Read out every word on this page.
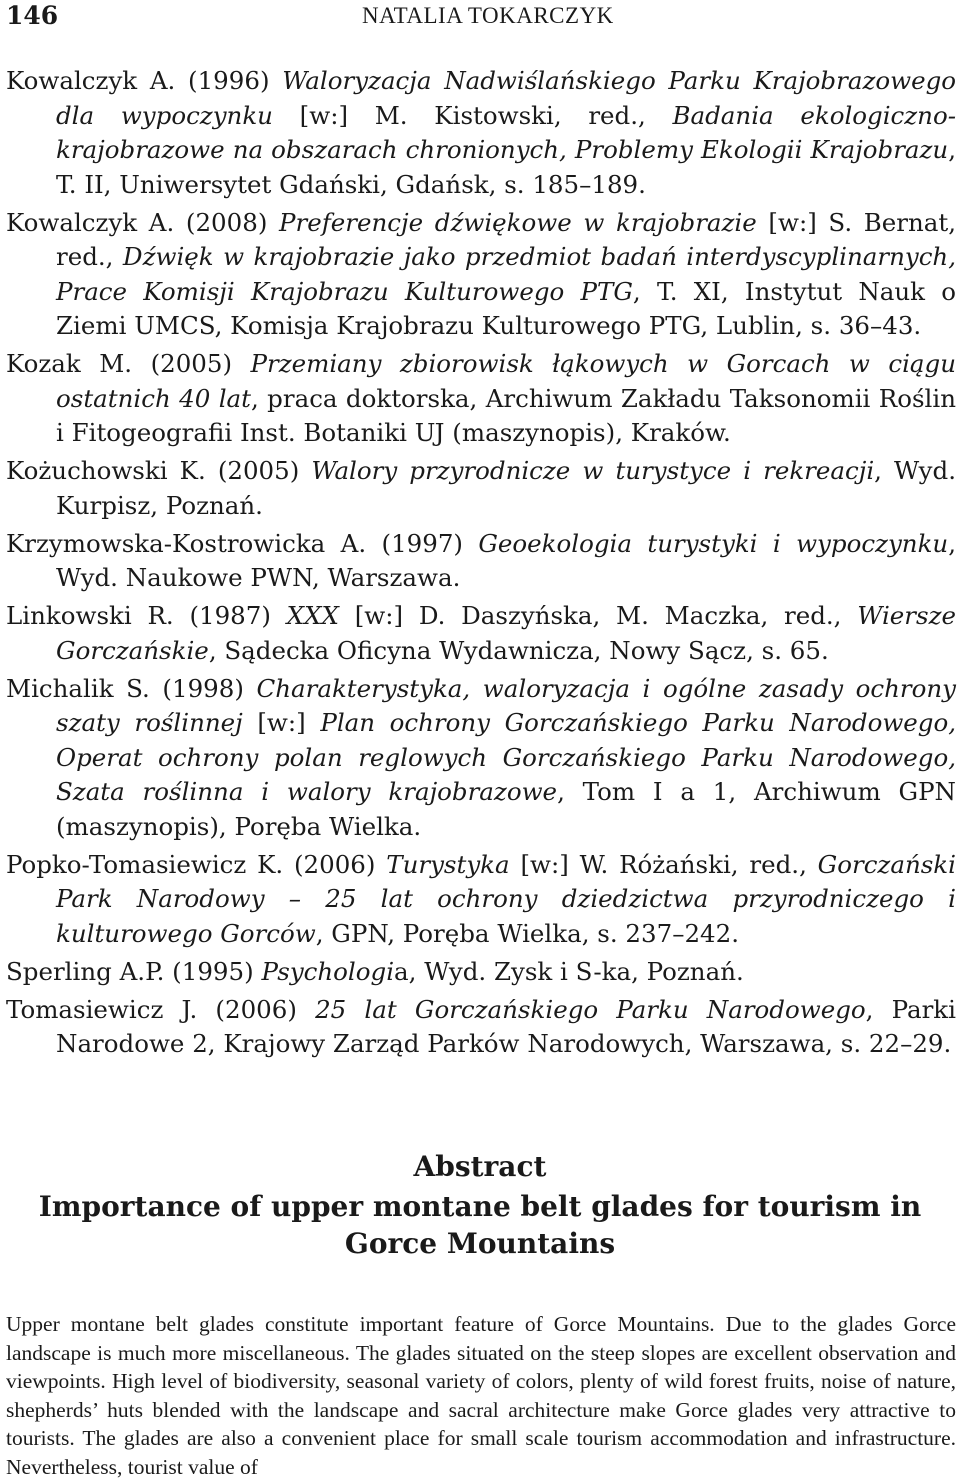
146	NATALIA TOKARCZYK

Kowalczyk A. (1996) Waloryzacja Nadwiślańskiego Parku Krajobrazowego dla wypoczynku [w:] M. Kistowski, red., Badania ekologiczno-krajobrazowe na obszarach chronionych, Problemy Ekologii Krajobrazu, T. II, Uniwersytet Gdański, Gdańsk, s. 185–189.

Kowalczyk A. (2008) Preferencje dźwiękowe w krajobrazie [w:] S. Bernat, red., Dźwięk w krajobrazie jako przedmiot badań interdyscyplinarnych, Prace Komisji Krajobrazu Kulturowego PTG, T. XI, Instytut Nauk o Ziemi UMCS, Komisja Krajobrazu Kulturowego PTG, Lublin, s. 36–43.

Kozak M. (2005) Przemiany zbiorowisk łąkowych w Gorcach w ciągu ostatnich 40 lat, praca doktorska, Archiwum Zakładu Taksonomii Roślin i Fitogeografii Inst. Botaniki UJ (maszynopis), Kraków.

Kożuchowski K. (2005) Walory przyrodnicze w turystyce i rekreacji, Wyd. Kurpisz, Poznań.

Krzymowska-Kostrowicka A. (1997) Geoekologia turystyki i wypoczynku, Wyd. Naukowe PWN, Warszawa.

Linkowski R. (1987) XXX [w:] D. Daszyńska, M. Maczka, red., Wiersze Gorczańskie, Sądecka Oficyna Wydawnicza, Nowy Sącz, s. 65.

Michalik S. (1998) Charakterystyka, waloryzacja i ogólne zasady ochrony szaty roślinnej [w:] Plan ochrony Gorczańskiego Parku Narodowego, Operat ochrony polan reglowych Gorczańskiego Parku Narodowego, Szata roślinna i walory krajobrazowe, Tom I a 1, Archiwum GPN (maszynopis), Poręba Wielka.

Popko-Tomasiewicz K. (2006) Turystyka [w:] W. Różański, red., Gorczański Park Narodowy – 25 lat ochrony dziedzictwa przyrodniczego i kulturowego Gorców, GPN, Poręba Wielka, s. 237–242.

Sperling A.P. (1995) Psychologia, Wyd. Zysk i S-ka, Poznań.

Tomasiewicz J. (2006) 25 lat Gorczańskiego Parku Narodowego, Parki Narodowe 2, Krajowy Zarząd Parków Narodowych, Warszawa, s. 22–29.

Abstract
Importance of upper montane belt glades for tourism in Gorce Mountains

Upper montane belt glades constitute important feature of Gorce Mountains. Due to the glades Gorce landscape is much more miscellaneous. The glades situated on the steep slopes are excellent observation and viewpoints. High level of biodiversity, seasonal variety of colors, plenty of wild forest fruits, noise of nature, shepherds’ huts blended with the landscape and sacral architecture make Gorce glades very attractive to tourists. The glades are also a convenient place for small scale tourism accommodation and infrastructure. Nevertheless, tourist value of
